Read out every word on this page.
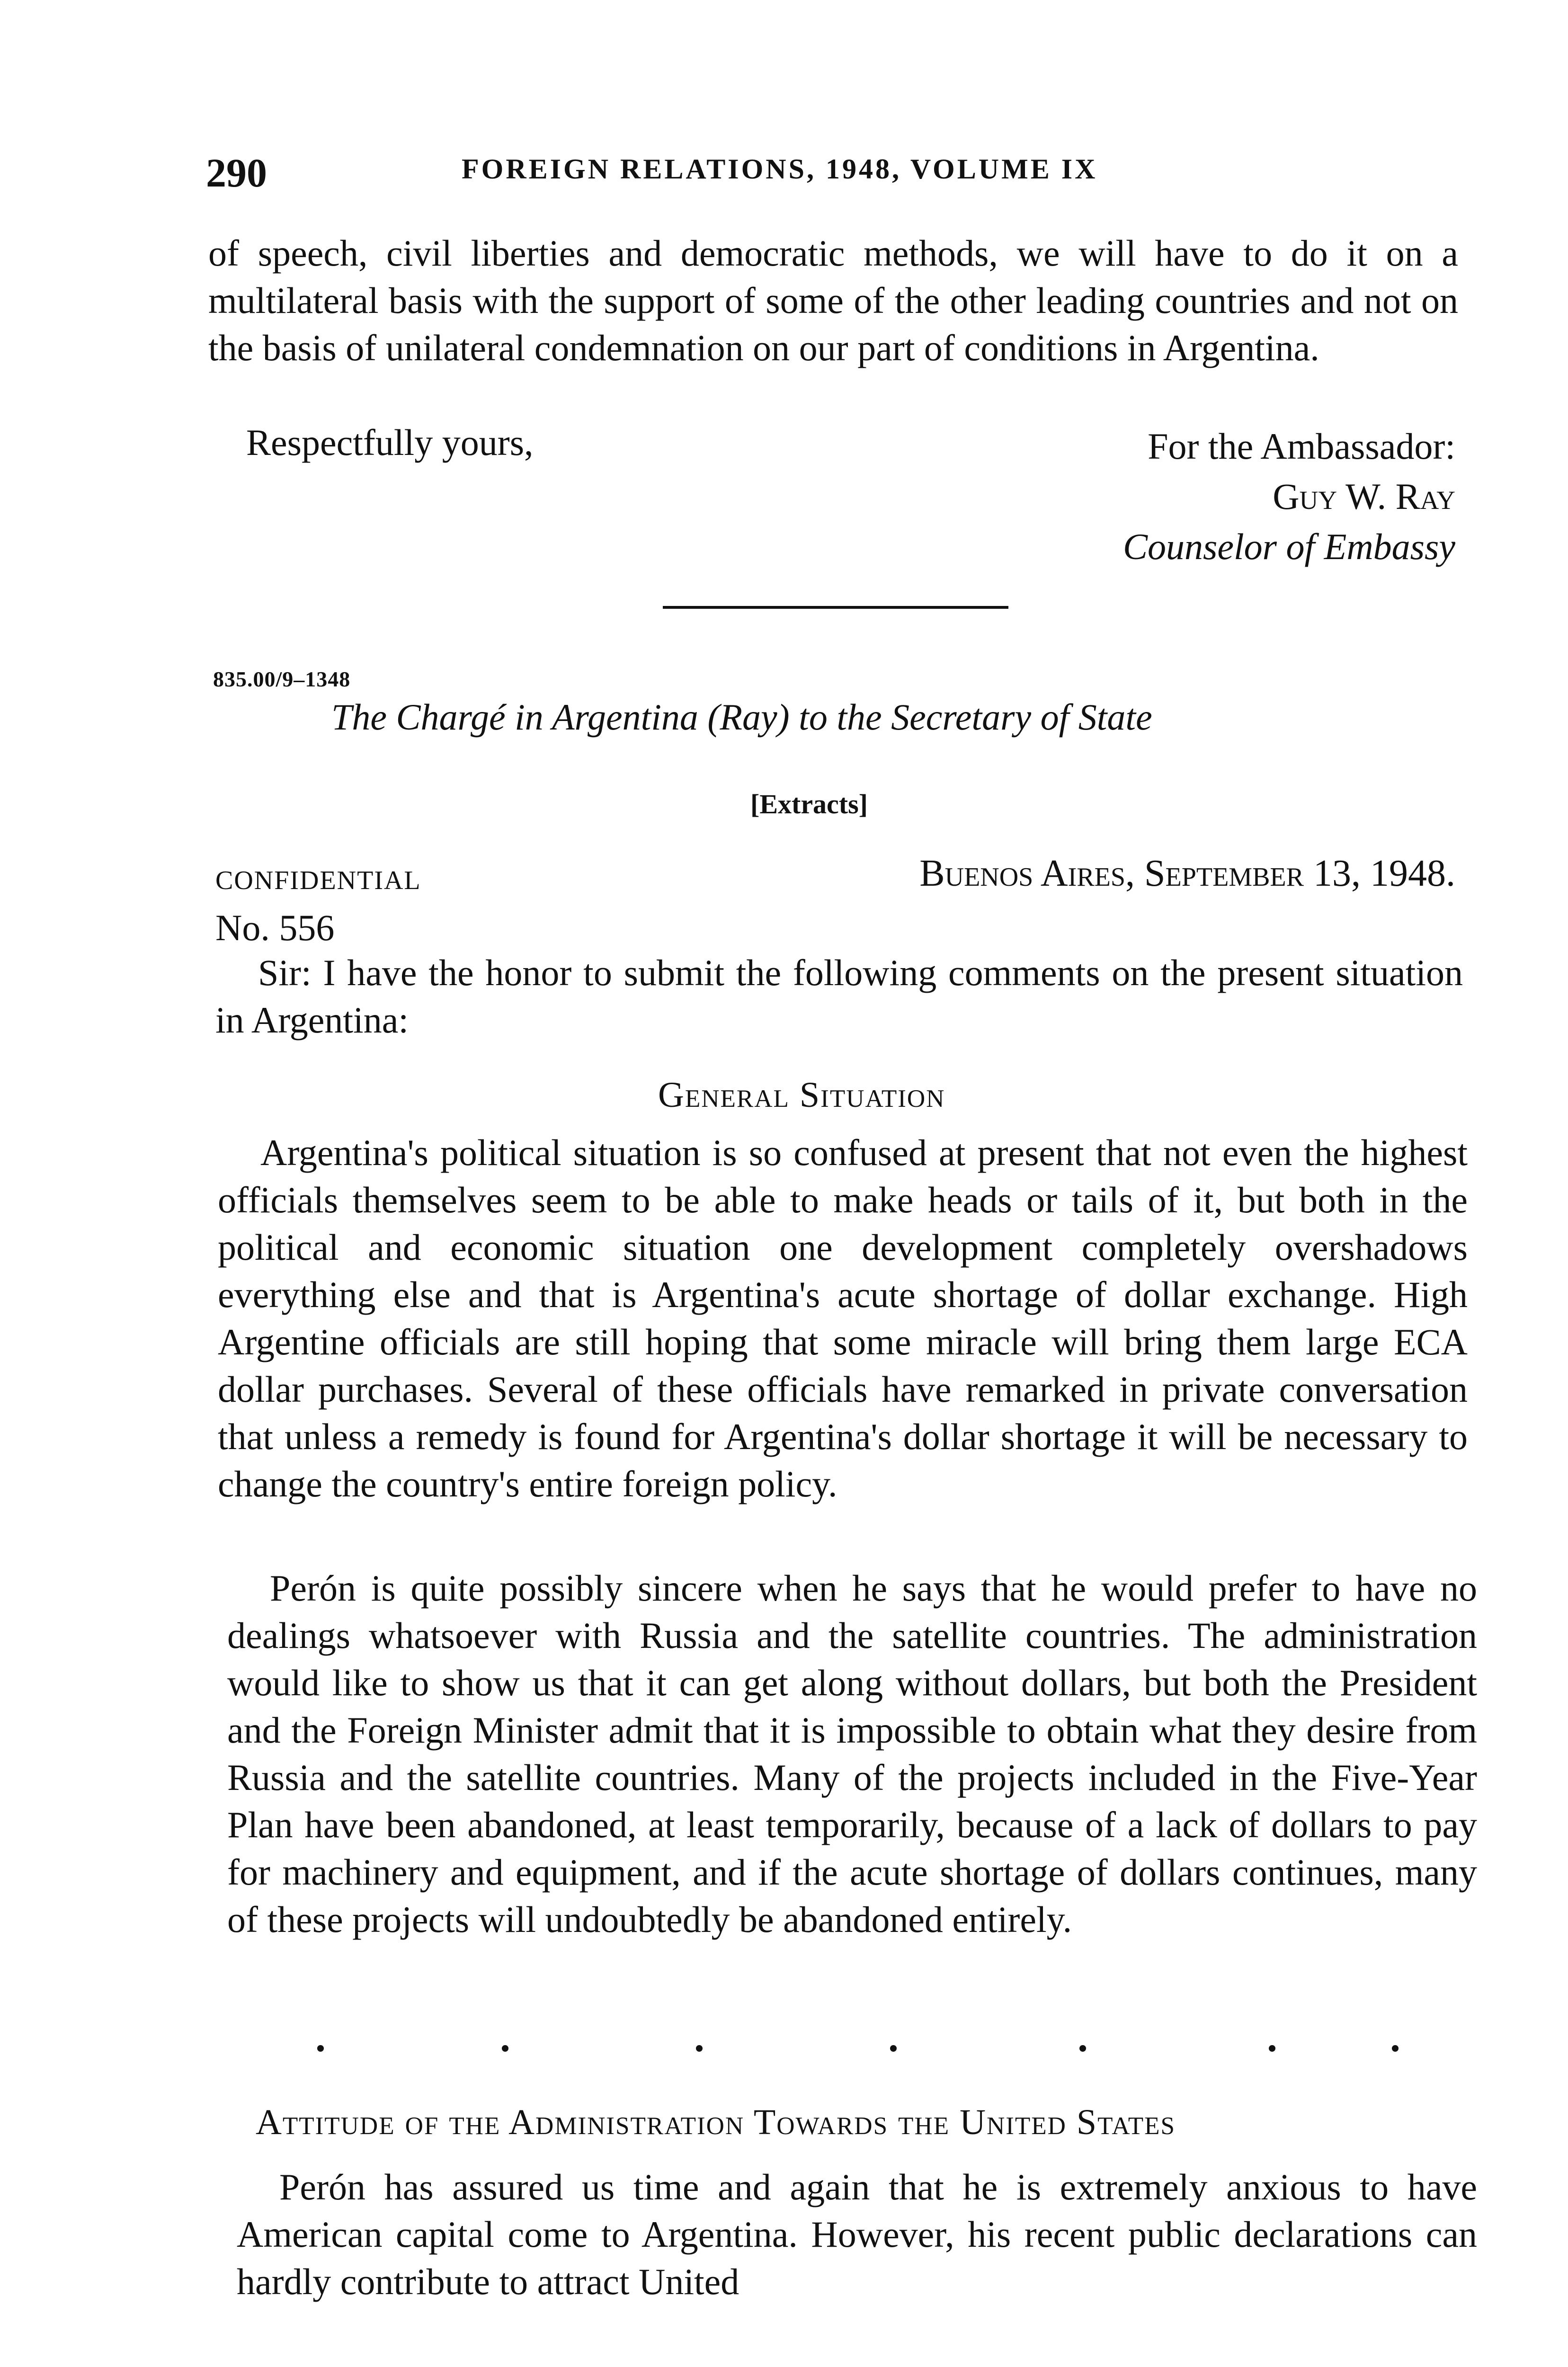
290	FOREIGN RELATIONS, 1948, VOLUME IX

of speech, civil liberties and democratic methods, we will have to do it on a multilateral basis with the support of some of the other leading countries and not on the basis of unilateral condemnation on our part of conditions in Argentina.

Respectfully yours,	For the Ambassador:
Guy W. Ray
Counselor of Embassy
835.00/9–1348
The Chargé in Argentina (Ray) to the Secretary of State
[Extracts]
CONFIDENTIAL	Buenos Aires, September 13, 1948.
No. 556

Sir: I have the honor to submit the following comments on the present situation in Argentina:

General Situation

Argentina's political situation is so confused at present that not even the highest officials themselves seem to be able to make heads or tails of it, but both in the political and economic situation one development completely overshadows everything else and that is Argentina's acute shortage of dollar exchange. High Argentine officials are still hoping that some miracle will bring them large ECA dollar purchases. Several of these officials have remarked in private conversation that unless a remedy is found for Argentina's dollar shortage it will be necessary to change the country's entire foreign policy.

Perón is quite possibly sincere when he says that he would prefer to have no dealings whatsoever with Russia and the satellite countries. The administration would like to show us that it can get along without dollars, but both the President and the Foreign Minister admit that it is impossible to obtain what they desire from Russia and the satellite countries. Many of the projects included in the Five-Year Plan have been abandoned, at least temporarily, because of a lack of dollars to pay for machinery and equipment, and if the acute shortage of dollars continues, many of these projects will undoubtedly be abandoned entirely.

Attitude of the Administration Towards the United States

Perón has assured us time and again that he is extremely anxious to have American capital come to Argentina. However, his recent public declarations can hardly contribute to attract United
